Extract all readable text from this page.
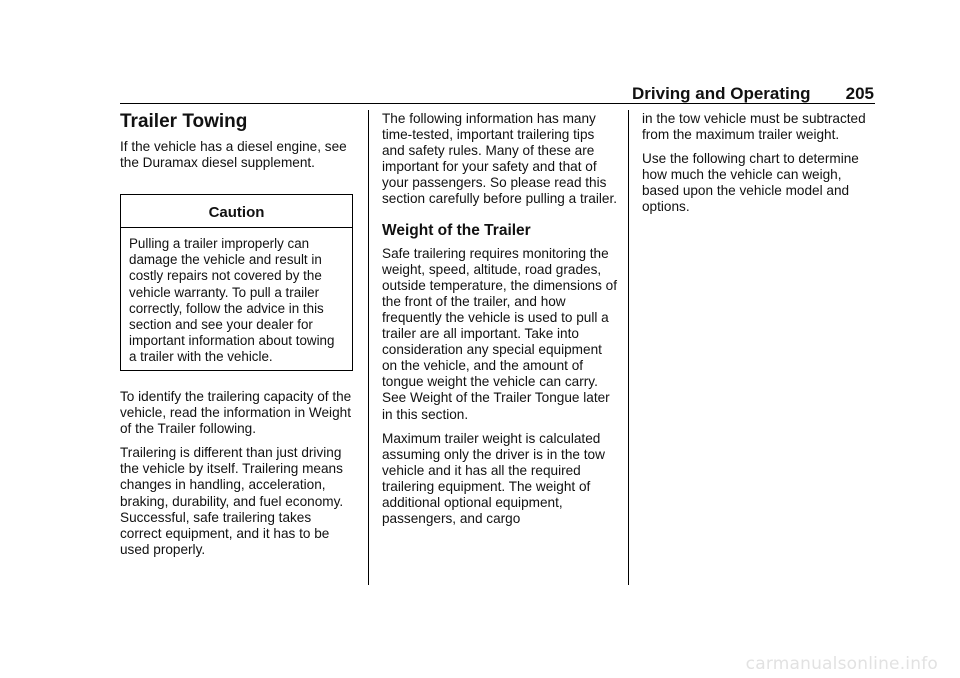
Driving and Operating 205
Trailer Towing

If the vehicle has a diesel engine, see the Duramax diesel supplement.

Caution
Pulling a trailer improperly can damage the vehicle and result in costly repairs not covered by the vehicle warranty. To pull a trailer correctly, follow the advice in this section and see your dealer for important information about towing a trailer with the vehicle.

To identify the trailering capacity of the vehicle, read the information in Weight of the Trailer following.

Trailering is different than just driving the vehicle by itself. Trailering means changes in handling, acceleration, braking, durability, and fuel economy. Successful, safe trailering takes correct equipment, and it has to be used properly.

The following information has many time-tested, important trailering tips and safety rules. Many of these are important for your safety and that of your passengers. So please read this section carefully before pulling a trailer.

Weight of the Trailer

Safe trailering requires monitoring the weight, speed, altitude, road grades, outside temperature, the dimensions of the front of the trailer, and how frequently the vehicle is used to pull a trailer are all important. Take into consideration any special equipment on the vehicle, and the amount of tongue weight the vehicle can carry. See Weight of the Trailer Tongue later in this section.

Maximum trailer weight is calculated assuming only the driver is in the tow vehicle and it has all the required trailering equipment. The weight of additional optional equipment, passengers, and cargo

in the tow vehicle must be subtracted from the maximum trailer weight.

Use the following chart to determine how much the vehicle can weigh, based upon the vehicle model and options.

carmanualsonline.info
